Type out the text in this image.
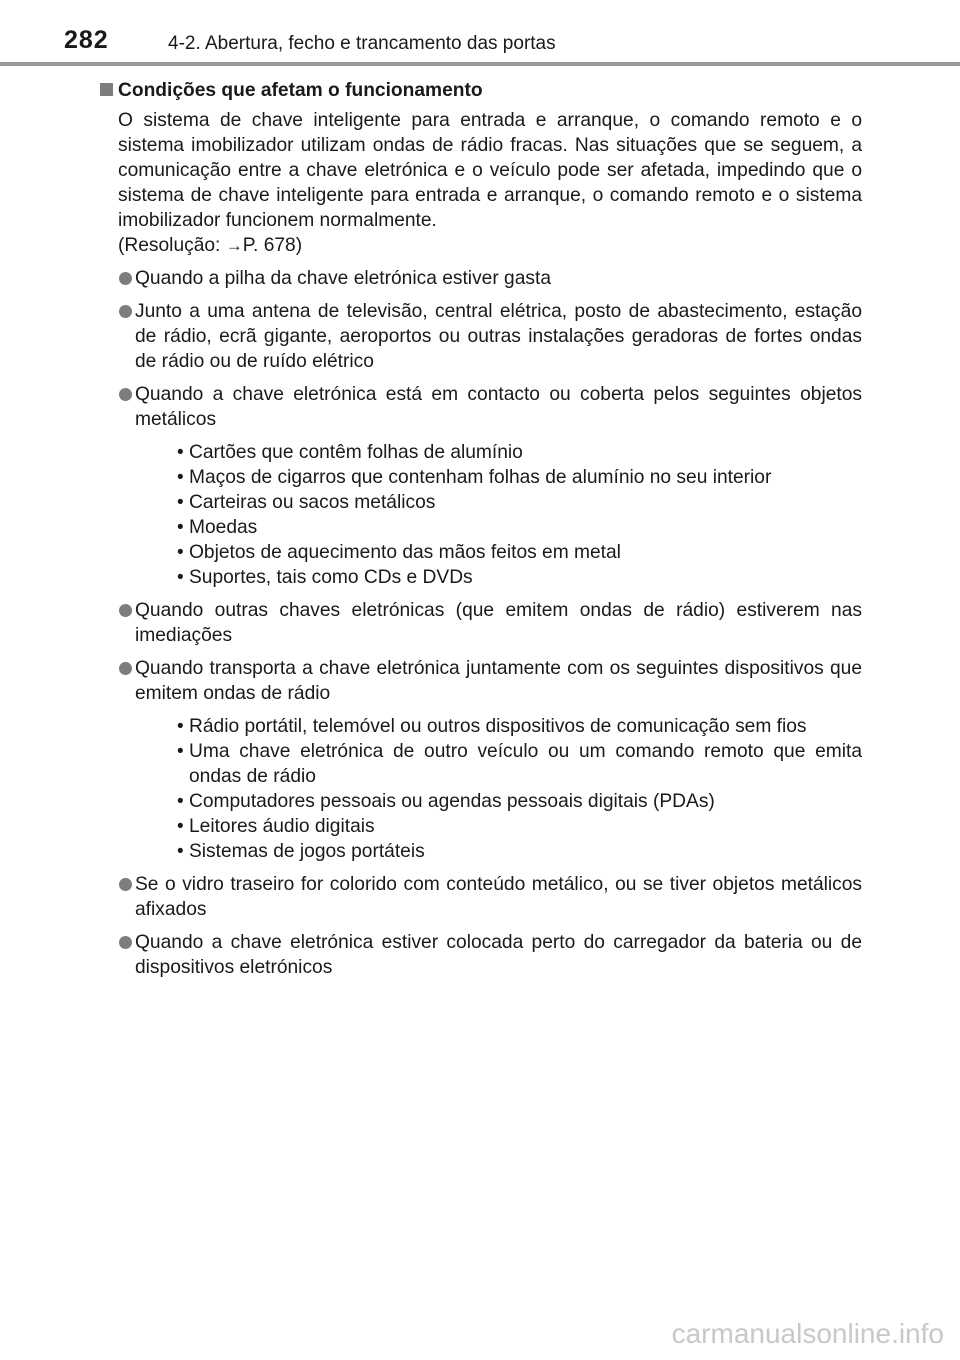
282	4-2. Abertura, fecho e trancamento das portas
Condições que afetam o funcionamento
O sistema de chave inteligente para entrada e arranque, o comando remoto e o sistema imobilizador utilizam ondas de rádio fracas. Nas situações que se seguem, a comunicação entre a chave eletrónica e o veículo pode ser afetada, impedindo que o sistema de chave inteligente para entrada e arranque, o comando remoto e o sistema imobilizador funcionem normalmente.
(Resolução: →P. 678)
Quando a pilha da chave eletrónica estiver gasta
Junto a uma antena de televisão, central elétrica, posto de abastecimento, estação de rádio, ecrã gigante, aeroportos ou outras instalações geradoras de fortes ondas de rádio ou de ruído elétrico
Quando a chave eletrónica está em contacto ou coberta pelos seguintes objetos metálicos
• Cartões que contêm folhas de alumínio
• Maços de cigarros que contenham folhas de alumínio no seu interior
• Carteiras ou sacos metálicos
• Moedas
• Objetos de aquecimento das mãos feitos em metal
• Suportes, tais como CDs e DVDs
Quando outras chaves eletrónicas (que emitem ondas de rádio) estiverem nas imediações
Quando transporta a chave eletrónica juntamente com os seguintes dispositivos que emitem ondas de rádio
• Rádio portátil, telemóvel ou outros dispositivos de comunicação sem fios
• Uma chave eletrónica de outro veículo ou um comando remoto que emita ondas de rádio
• Computadores pessoais ou agendas pessoais digitais (PDAs)
• Leitores áudio digitais
• Sistemas de jogos portáteis
Se o vidro traseiro for colorido com conteúdo metálico, ou se tiver objetos metálicos afixados
Quando a chave eletrónica estiver colocada perto do carregador da bateria ou de dispositivos eletrónicos
carmanualsonline.info
